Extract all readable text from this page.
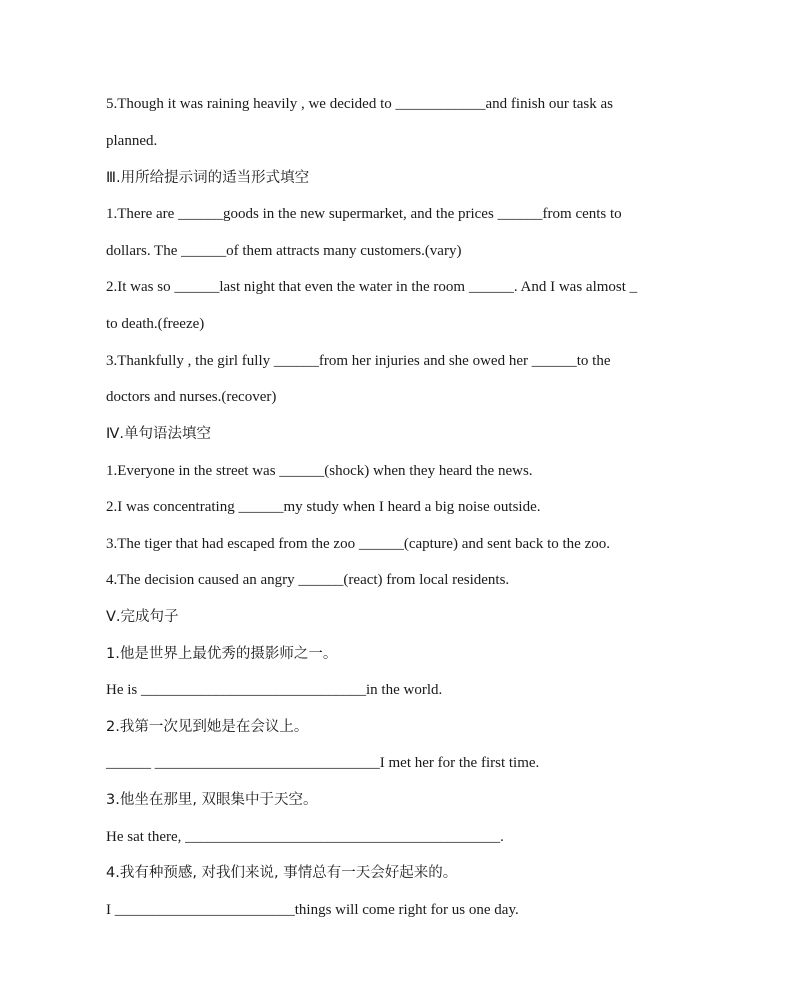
5.Though it was raining heavily , we decided to ____________and finish our task as
planned.
Ⅲ.用所给提示词的适当形式填空
1.There are ______goods in the new supermarket, and the prices ______from cents to
dollars. The ______of them attracts many customers.(vary)
2.It was so ______last night that even the water in the room ______. And I was almost _
to death.(freeze)
3.Thankfully , the girl fully ______from her injuries and she owed her ______to the
doctors and nurses.(recover)
Ⅳ.单句语法填空
1.Everyone in the street was ______(shock) when they heard the news.
2.I was concentrating ______my study when I heard a big noise outside.
3.The tiger that had escaped from the zoo ______(capture) and sent back to the zoo.
4.The decision caused an angry ______(react) from local residents.
Ⅴ.完成句子
1.他是世界上最优秀的摄影师之一。
He is ______________________________in the world.
2.我第一次见到她是在会议上。
______ ______________________________I met her for the first time.
3.他坐在那里, 双眼集中于天空。
He sat there, __________________________________________.
4.我有种预感, 对我们来说, 事情总有一天会好起来的。
I ________________________things will come right for us one day.
